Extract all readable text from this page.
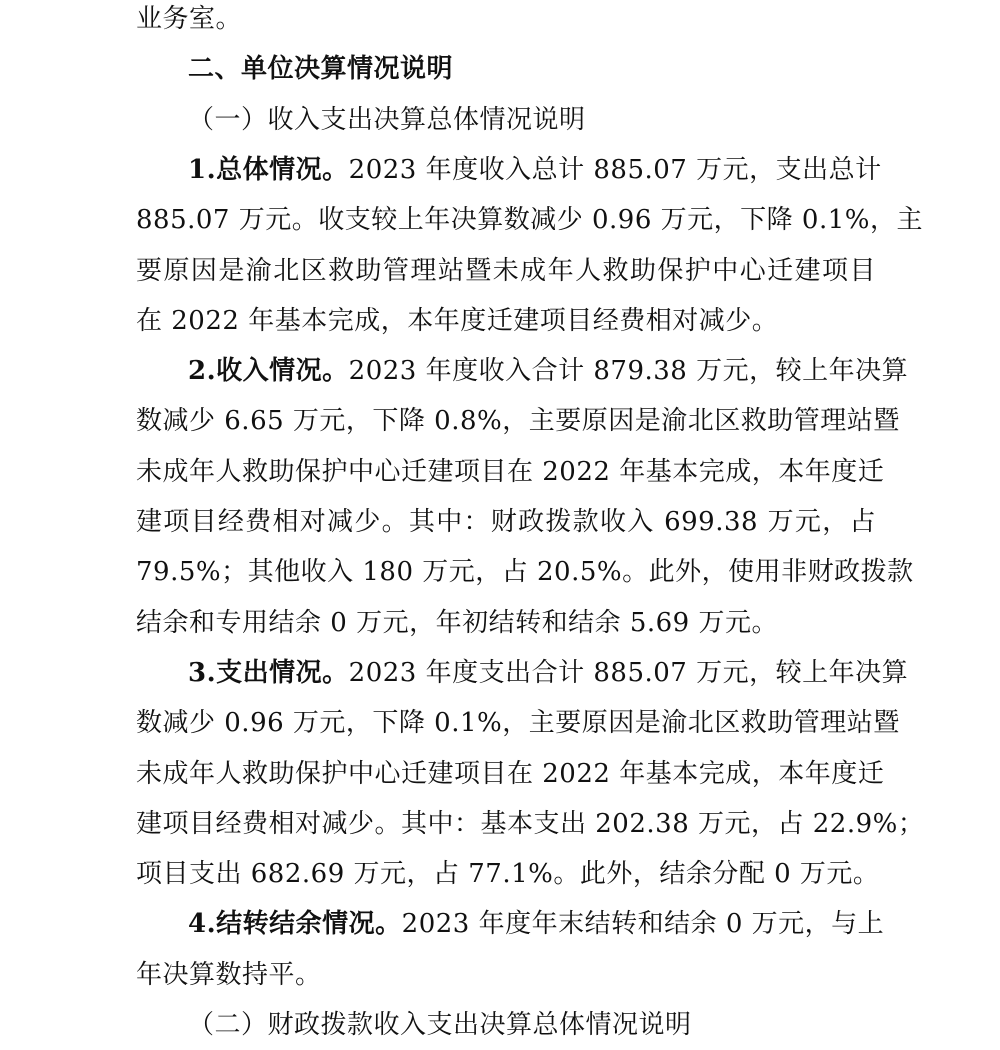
业务室。
二、单位决算情况说明
（一）收入支出决算总体情况说明
1.总体情况。2023 年度收入总计 885.07 万元，支出总计
885.07 万元。收支较上年决算数减少 0.96 万元，下降 0.1%，主
要原因是渝北区救助管理站暨未成年人救助保护中心迁建项目
在 2022 年基本完成，本年度迁建项目经费相对减少。
2.收入情况。2023 年度收入合计 879.38 万元，较上年决算
数减少 6.65 万元，下降 0.8%，主要原因是渝北区救助管理站暨
未成年人救助保护中心迁建项目在 2022 年基本完成，本年度迁
建项目经费相对减少。其中：财政拨款收入 699.38 万元，占
79.5%；其他收入 180 万元，占 20.5%。此外，使用非财政拨款
结余和专用结余 0 万元，年初结转和结余 5.69 万元。
3.支出情况。2023 年度支出合计 885.07 万元，较上年决算
数减少 0.96 万元，下降 0.1%，主要原因是渝北区救助管理站暨
未成年人救助保护中心迁建项目在 2022 年基本完成，本年度迁
建项目经费相对减少。其中：基本支出 202.38 万元，占 22.9%；
项目支出 682.69 万元，占 77.1%。此外，结余分配 0 万元。
4.结转结余情况。2023 年度年末结转和结余 0 万元，与上
年决算数持平。
（二）财政拨款收入支出决算总体情况说明
